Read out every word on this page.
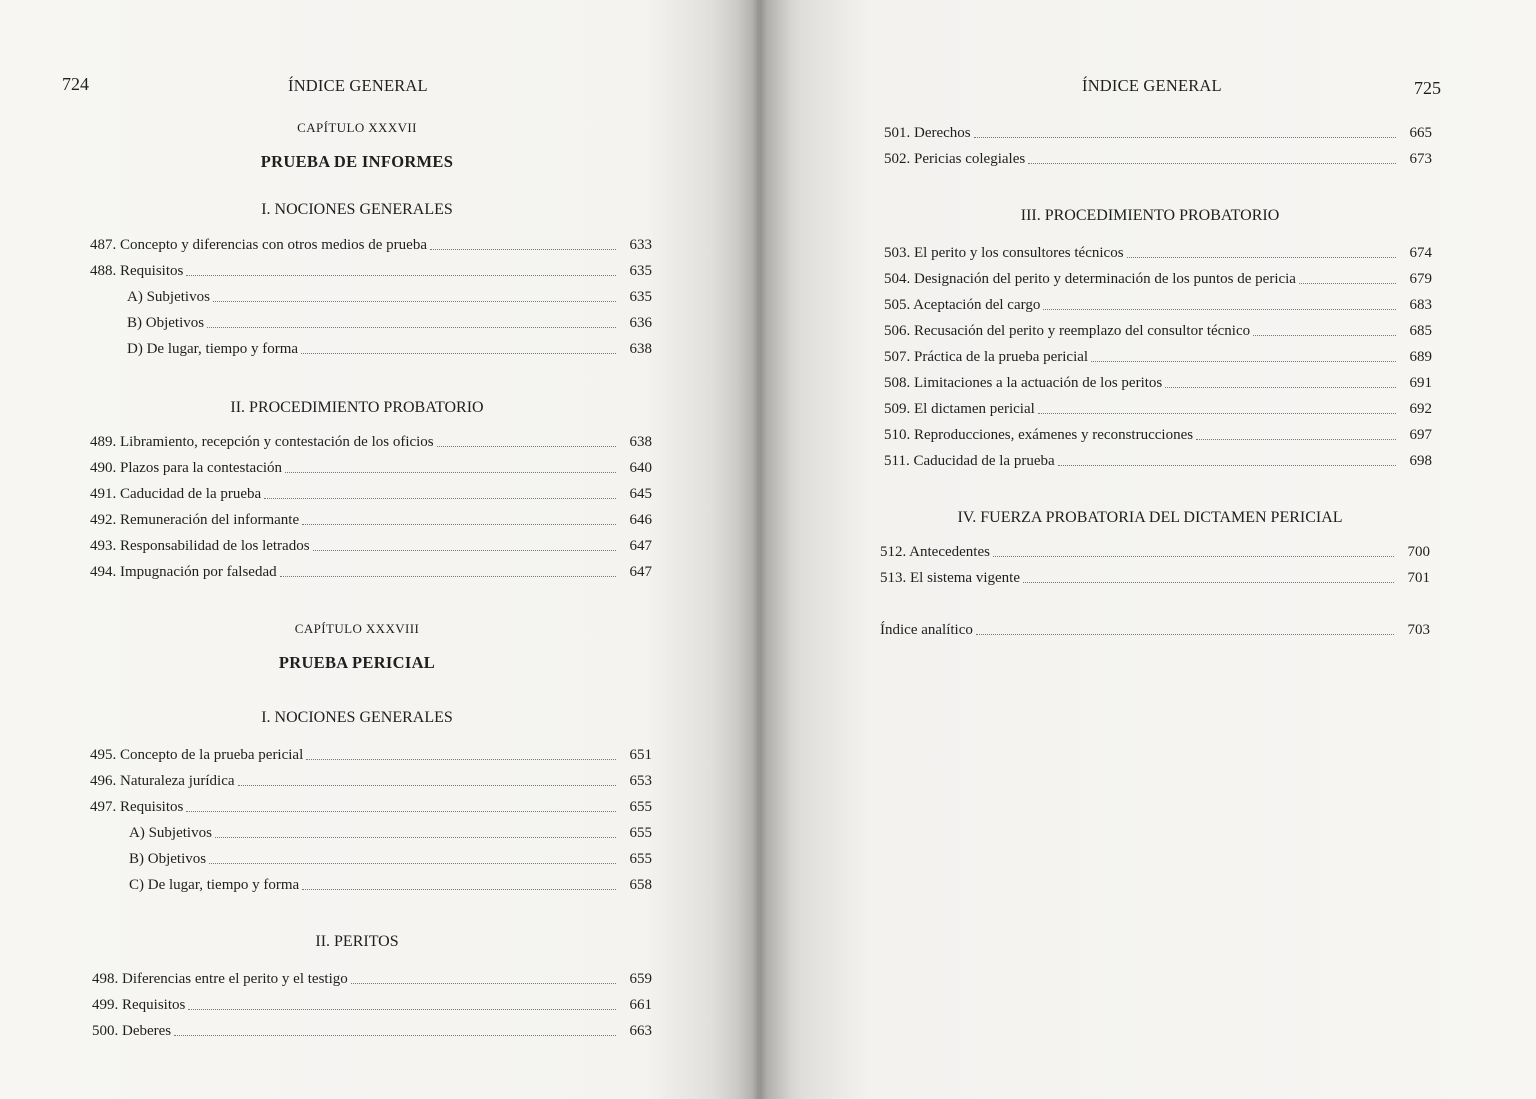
724	ÍNDICE GENERAL
CAPÍTULO XXXVII
PRUEBA DE INFORMES
I. NOCIONES GENERALES
487. Concepto y diferencias con otros medios de prueba	633
488. Requisitos	635
A) Subjetivos	635
B) Objetivos	636
D) De lugar, tiempo y forma	638
II. PROCEDIMIENTO PROBATORIO
489. Libramiento, recepción y contestación de los oficios	638
490. Plazos para la contestación	640
491. Caducidad de la prueba	645
492. Remuneración del informante	646
493. Responsabilidad de los letrados	647
494. Impugnación por falsedad	647
CAPÍTULO XXXVIII
PRUEBA PERICIAL
I. NOCIONES GENERALES
495. Concepto de la prueba pericial	651
496. Naturaleza jurídica	653
497. Requisitos	655
A) Subjetivos	655
B) Objetivos	655
C) De lugar, tiempo y forma	658
II. PERITOS
498. Diferencias entre el perito y el testigo	659
499. Requisitos	661
500. Deberes	663
ÍNDICE GENERAL	725
501. Derechos	665
502. Pericias colegiales	673
III. PROCEDIMIENTO PROBATORIO
503. El perito y los consultores técnicos	674
504. Designación del perito y determinación de los puntos de pericia	679
505. Aceptación del cargo	683
506. Recusación del perito y reemplazo del consultor técnico	685
507. Práctica de la prueba pericial	689
508. Limitaciones a la actuación de los peritos	691
509. El dictamen pericial	692
510. Reproducciones, exámenes y reconstrucciones	697
511. Caducidad de la prueba	698
IV. FUERZA PROBATORIA DEL DICTAMEN PERICIAL
512. Antecedentes	700
513. El sistema vigente	701
Índice analítico	703
